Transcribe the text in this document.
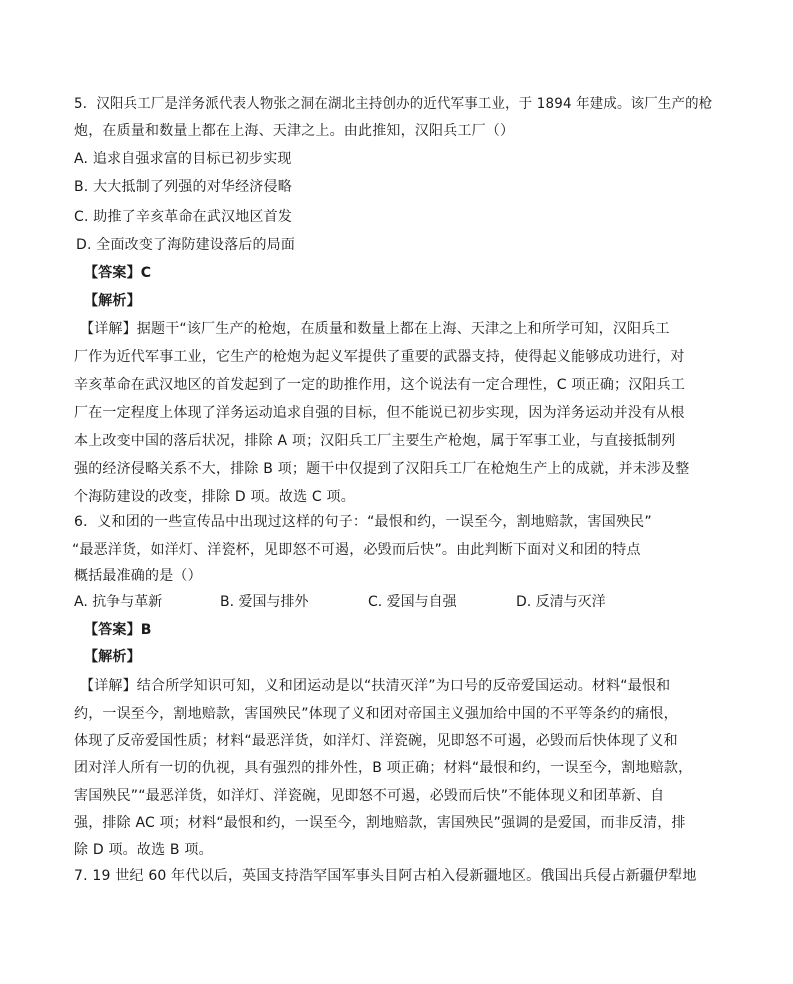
5．汉阳兵工厂是洋务派代表人物张之洞在湖北主持创办的近代军事工业，于 1894 年建成。该厂生产的枪
炮，在质量和数量上都在上海、天津之上。由此推知，汉阳兵工厂（）
A. 追求自强求富的目标已初步实现
B. 大大抵制了列强的对华经济侵略
C. 助推了辛亥革命在武汉地区首发
D. 全面改变了海防建设落后的局面
【答案】C
【解析】
【详解】据题干“该厂生产的枪炮，在质量和数量上都在上海、天津之上和所学可知，汉阳兵工
厂作为近代军事工业，它生产的枪炮为起义军提供了重要的武器支持，使得起义能够成功进行，对
辛亥革命在武汉地区的首发起到了一定的助推作用，这个说法有一定合理性，C 项正确；汉阳兵工
厂在一定程度上体现了洋务运动追求自强的目标，但不能说已初步实现，因为洋务运动并没有从根
本上改变中国的落后状况，排除 A 项；汉阳兵工厂主要生产枪炮，属于军事工业，与直接抵制列
强的经济侵略关系不大，排除 B 项；题干中仅提到了汉阳兵工厂在枪炮生产上的成就，并未涉及整
个海防建设的改变，排除 D 项。故选 C 项。
6．义和团的一些宣传品中出现过这样的句子：“最恨和约，一误至今，割地赔款，害国殃民”
“最恶洋货，如洋灯、洋瓷杯，见即怒不可遏，必毁而后快”。由此判断下面对义和团的特点
概括最准确的是（）
A. 抗争与革新	B. 爱国与排外	C. 爱国与自强	D. 反清与灭洋
【答案】B
【解析】
【详解】结合所学知识可知，义和团运动是以“扶清灭洋”为口号的反帝爱国运动。材料“最恨和
约，一误至今，割地赔款，害国殃民”体现了义和团对帝国主义强加给中国的不平等条约的痛恨，
体现了反帝爱国性质；材料“最恶洋货，如洋灯、洋瓷碗，见即怒不可遏，必毁而后快体现了义和
团对洋人所有一切的仇视，具有强烈的排外性，B 项正确；材料“最恨和约，一误至今，割地赔款，
害国殃民”“最恶洋货，如洋灯、洋瓷碗，见即怒不可遏，必毁而后快”不能体现义和团革新、自
强，排除 AC 项；材料“最恨和约，一误至今，割地赔款，害国殃民”强调的是爱国，而非反清，排
除 D 项。故选 B 项。
7. 19 世纪 60 年代以后，英国支持浩罕国军事头目阿古柏入侵新疆地区。俄国出兵侵占新疆伊犁地
